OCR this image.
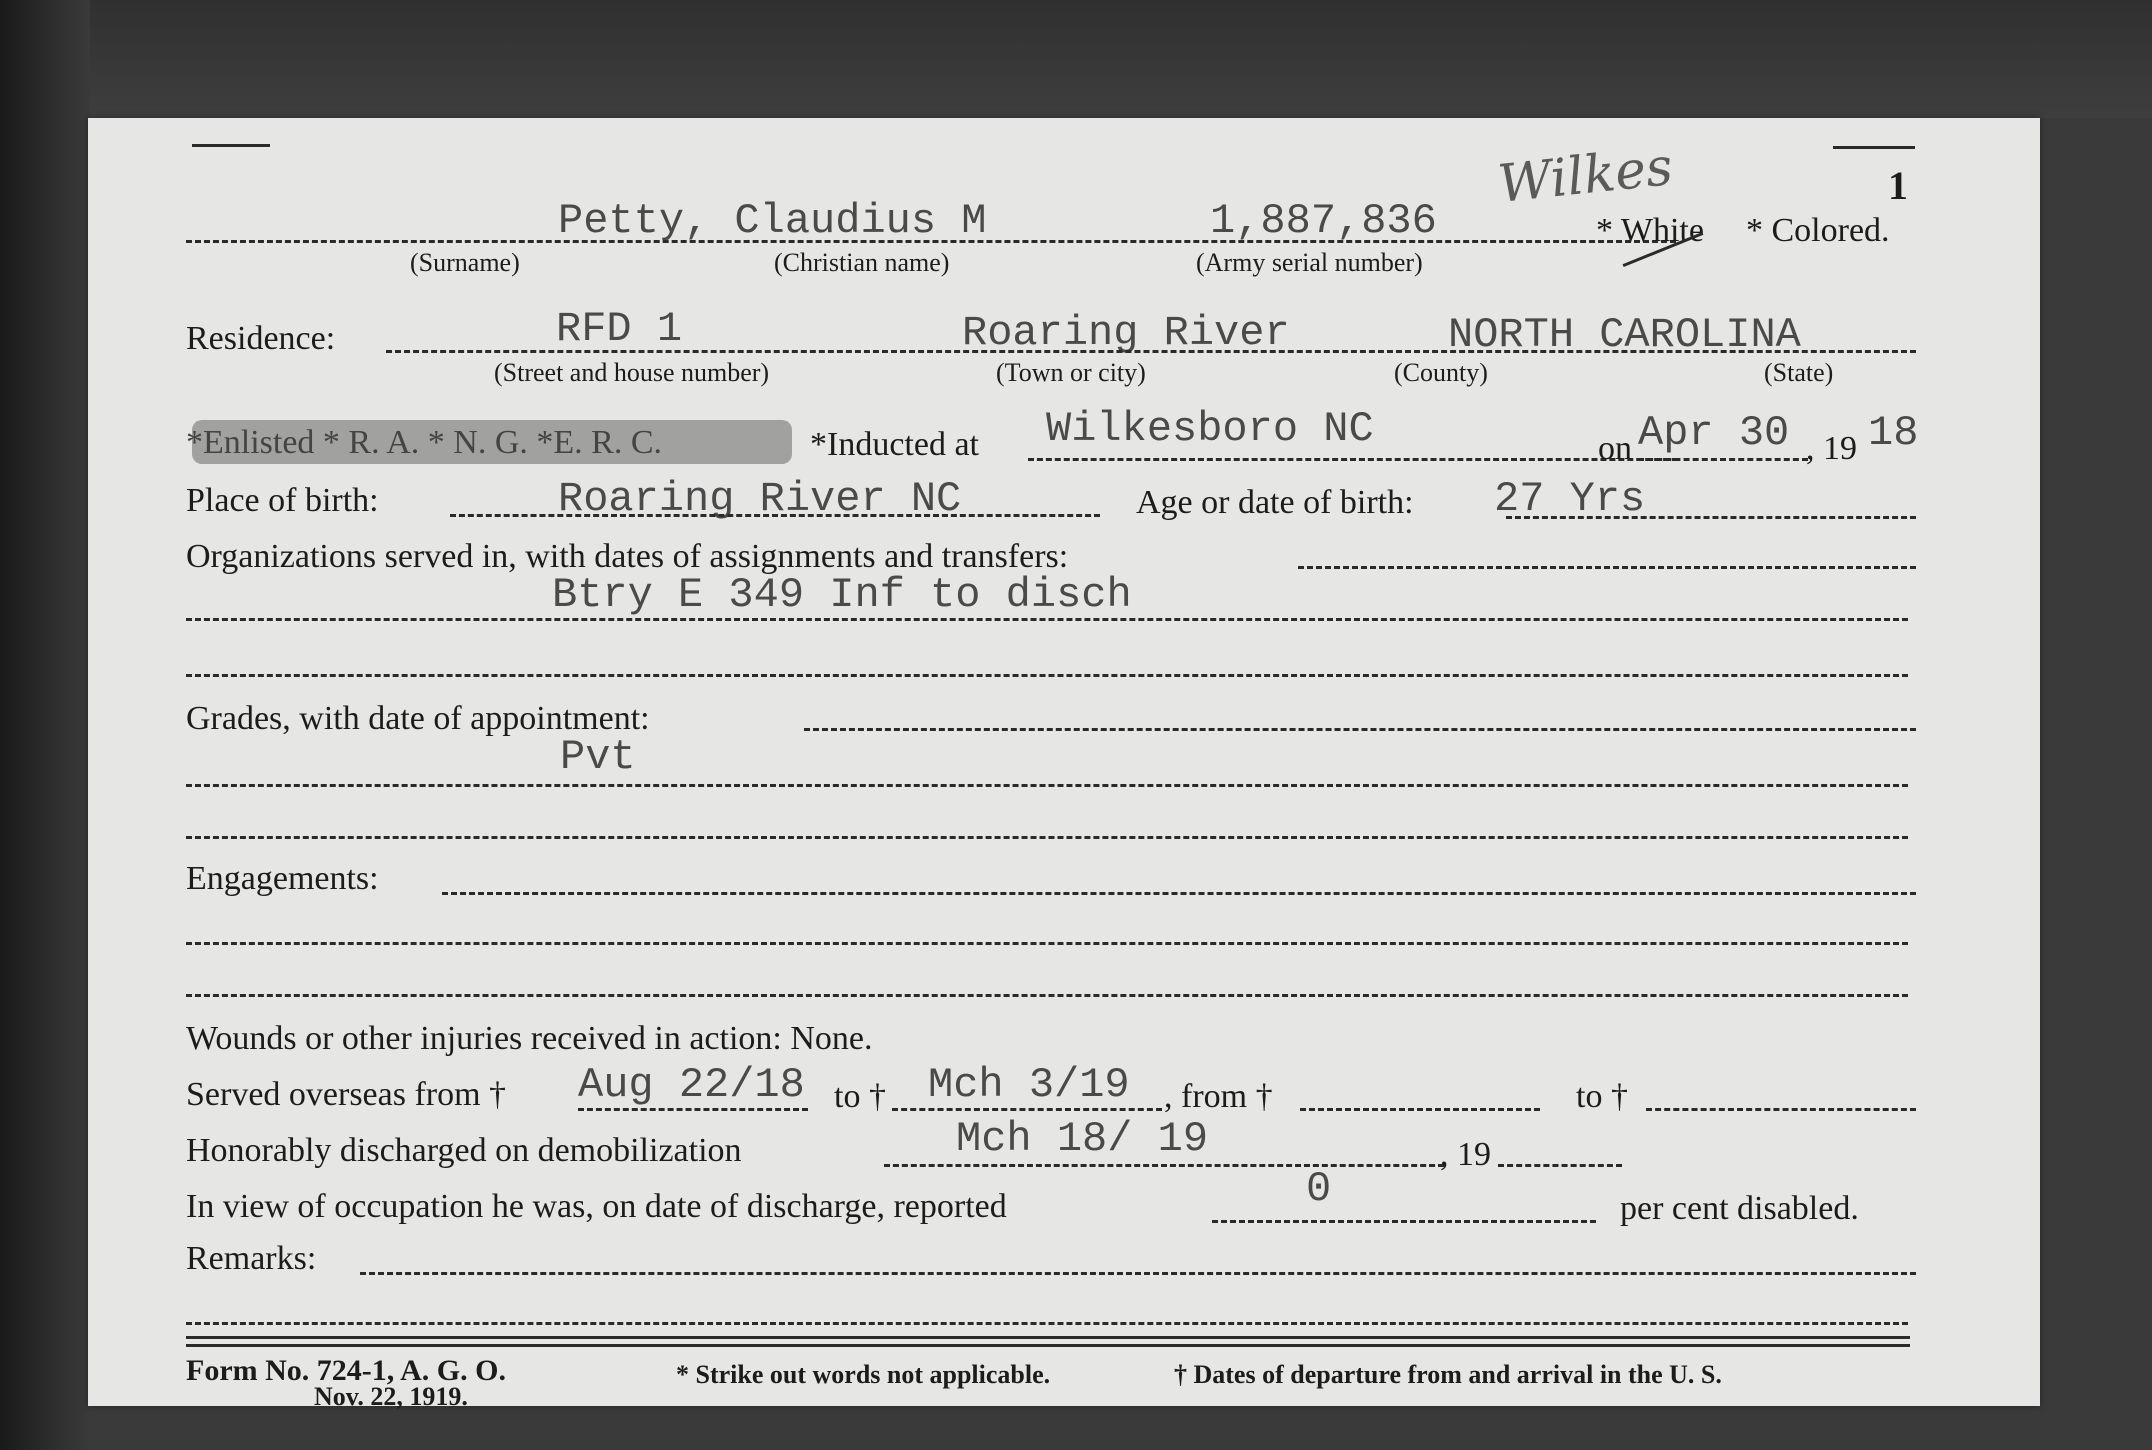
1
Wilkes
Petty, Claudius M	1,887,836	* White * Colored.
(Surname)	(Christian name)	(Army serial number)
Residence:	RFD 1	Roaring River	NORTH CAROLINA
(Street and house number)	(Town or city)	(County)	(State)
*Enlisted * R. A. * N. G. *E. R. C.	*Inducted at Wilkesboro NC	on Apr 30 , 19 18
Place of birth:	Roaring River NC	Age or date of birth: 27 Yrs
Organizations served in, with dates of assignments and transfers:
Btry E 349 Inf to disch
Grades, with date of appointment:
Pvt
Engagements:
Wounds or other injuries received in action: None.
Served overseas from † Aug 22/18 to † Mch 3/19 , from †	to †
Honorably discharged on demobilization	Mch 18/ 19	, 19
In view of occupation he was, on date of discharge, reported	0	per cent disabled.
Remarks:
Form No. 724-1, A. G. O.
Nov. 22, 1919.
* Strike out words not applicable.	† Dates of departure from and arrival in the U. S.
